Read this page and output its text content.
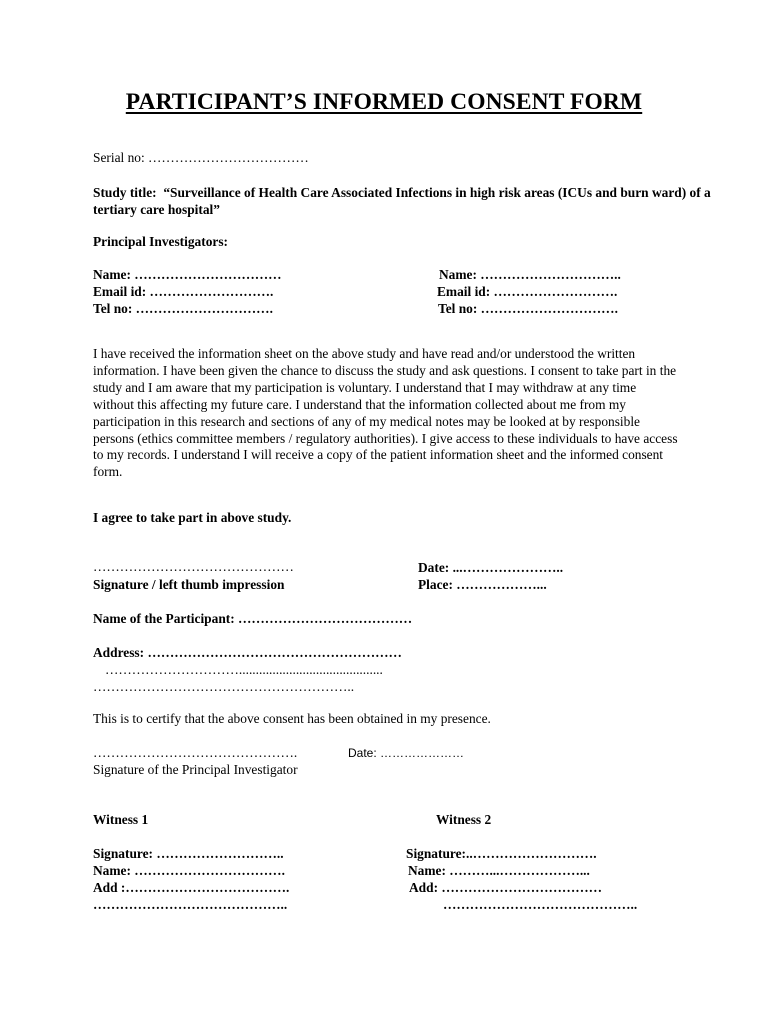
PARTICIPANT’S INFORMED CONSENT FORM
Serial no: ………………………………
Study title: “Surveillance of Health Care Associated Infections in high risk areas (ICUs and burn ward) of a tertiary care hospital”
Principal Investigators:
Name: ……………………………
Email id: ……………………….
Tel no: ………………………….
Name: …………………………..
Email id: ……………………….
Tel no: ………………………….
I have received the information sheet on the above study and have read and/or understood the written information. I have been given the chance to discuss the study and ask questions. I consent to take part in the study and I am aware that my participation is voluntary. I understand that I may withdraw at any time without this affecting my future care. I understand that the information collected about me from my participation in this research and sections of any of my medical notes may be looked at by responsible persons (ethics committee members / regulatory authorities). I give access to these individuals to have access to my records. I understand I will receive a copy of the patient information sheet and the informed consent form.
I agree to take part in above study.
………………………………………
Signature / left thumb impression
Date: ...…………………..
Place: ………………...
Name of the Participant: …………………………………
Address: …………………………………………………
…………………………...........................................
…………………………………………………..
This is to certify that the above consent has been obtained in my presence.
……………………………………….	Date: …………………
Signature of the Principal Investigator
Witness 1
Signature: ………………………..
Name: …………………………….
Add :……………………………….
……………………………………..
Witness 2
Signature:..……………………….
Name: ………...………………...
Add: ………………………………
……………………………………..
